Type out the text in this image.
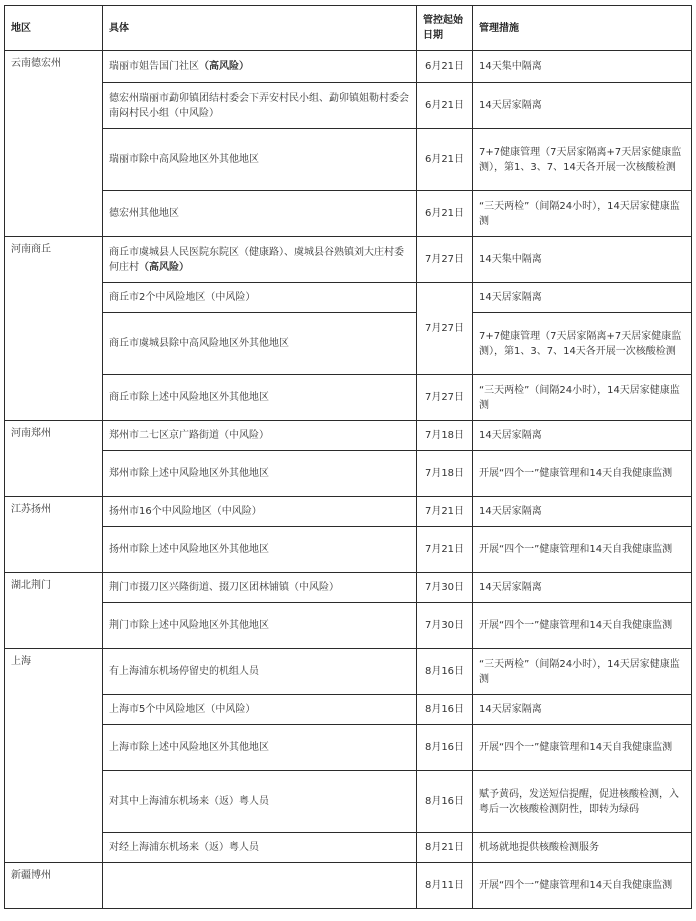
地区	具体	管控起始日期	管理措施
云南德宏州	瑞丽市姐告国门社区（高风险）	6月21日	14天集中隔离
	德宏州瑞丽市勐卯镇团结村委会下弄安村民小组、勐卯镇姐勒村委会南闷村民小组（中风险）	6月21日	14天居家隔离
	瑞丽市除中高风险地区外其他地区	6月21日	7+7健康管理（7天居家隔离+7天居家健康监测），第1、3、7、14天各开展一次核酸检测
	德宏州其他地区	6月21日	“三天两检”（间隔24小时），14天居家健康监测
河南商丘	商丘市虞城县人民医院东院区（健康路）、虞城县谷熟镇刘大庄村委何庄村（高风险）	7月27日	14天集中隔离
	商丘市2个中风险地区（中风险）	7月27日	14天居家隔离
	商丘市虞城县除中高风险地区外其他地区		7+7健康管理（7天居家隔离+7天居家健康监测），第1、3、7、14天各开展一次核酸检测
	商丘市除上述中风险地区外其他地区	7月27日	“三天两检”（间隔24小时），14天居家健康监测
河南郑州	郑州市二七区京广路街道（中风险）	7月18日	14天居家隔离
	郑州市除上述中风险地区外其他地区	7月18日	开展“四个一”健康管理和14天自我健康监测
江苏扬州	扬州市16个中风险地区（中风险）	7月21日	14天居家隔离
	扬州市除上述中风险地区外其他地区	7月21日	开展“四个一”健康管理和14天自我健康监测
湖北荆门	荆门市掇刀区兴隆街道、掇刀区团林铺镇（中风险）	7月30日	14天居家隔离
	荆门市除上述中风险地区外其他地区	7月30日	开展“四个一”健康管理和14天自我健康监测
上海	有上海浦东机场停留史的机组人员	8月16日	“三天两检”（间隔24小时），14天居家健康监测
	上海市5个中风险地区（中风险）	8月16日	14天居家隔离
	上海市除上述中风险地区外其他地区	8月16日	开展“四个一”健康管理和14天自我健康监测
	对其中上海浦东机场来（返）粤人员	8月16日	赋予黄码，发送短信提醒，促进核酸检测，入粤后一次核酸检测阴性，即转为绿码
	对经上海浦东机场来（返）粤人员	8月21日	机场就地提供核酸检测服务
新疆博州		8月11日	开展“四个一”健康管理和14天自我健康监测
